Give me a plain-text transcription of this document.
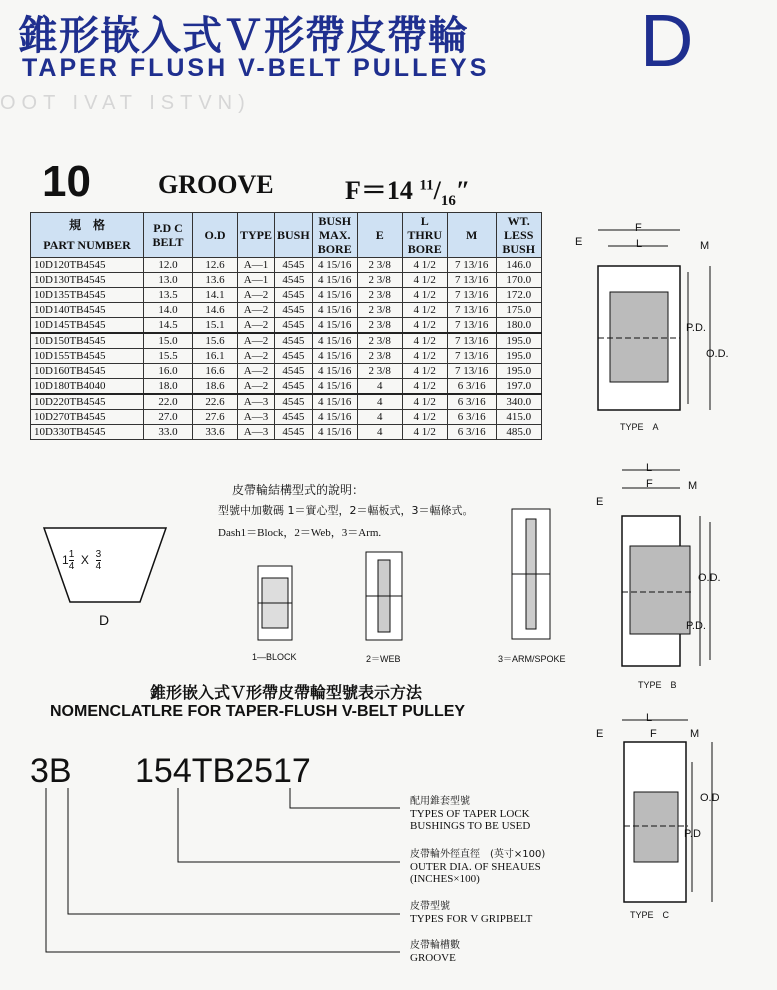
錐形嵌入式Ｖ形帶皮帶輪
TAPER FLUSH V-BELT PULLEYS D
OOT IVAT ISTVN)
10	GROOVE	F＝14 $^{11}/_{16}''$
規　格
PART NUMBER	P.D C BELT	O.D	TYPE	BUSH	BUSH MAX. BORE	E	L THRU BORE	M	WT. LESS BUSH
10D120TB4545	12.0	12.6	A—1	4545	4 15/16	2 3/8	4 1/2	7 13/16	146.0
10D130TB4545	13.0	13.6	A—1	4545	4 15/16	2 3/8	4 1/2	7 13/16	170.0
10D135TB4545	13.5	14.1	A—2	4545	4 15/16	2 3/8	4 1/2	7 13/16	172.0
10D140TB4545	14.0	14.6	A—2	4545	4 15/16	2 3/8	4 1/2	7 13/16	175.0
10D145TB4545	14.5	15.1	A—2	4545	4 15/16	2 3/8	4 1/2	7 13/16	180.0
10D150TB4545	15.0	15.6	A—2	4545	4 15/16	2 3/8	4 1/2	7 13/16	195.0
10D155TB4545	15.5	16.1	A—2	4545	4 15/16	2 3/8	4 1/2	7 13/16	195.0
10D160TB4545	16.0	16.6	A—2	4545	4 15/16	2 3/8	4 1/2	7 13/16	195.0
10D180TB4040	18.0	18.6	A—2	4545	4 15/16	4	4 1/2	6 3/16	197.0
10D220TB4545	22.0	22.6	A—3	4545	4 15/16	4	4 1/2	6 3/16	340.0
10D270TB4545	27.0	27.6	A—3	4545	4 15/16	4	4 1/2	6 3/16	415.0
10D330TB4545	33.0	33.6	A—3	4545	4 15/16	4	4 1/2	6 3/16	485.0
皮帶輪結構型式的說明：
型號中加數碼 1＝實心型，2＝輻板式，3＝輻條式。
Dash1＝Block，2＝Web，3＝Arm.
$1\frac{1}{4}$ X $\frac{3}{4}$
D
1—BLOCK	2＝WEB	3＝ARM/SPOKE
E
F
L	M
P.D.
O.D.
TYPE　A
L
F
E
M
O.D.
P.D.
TYPE　B
L
E	F	M
O.D
P.D
TYPE　C
錐形嵌入式Ｖ形帶皮帶輪型號表示方法
NOMENCLATLRE FOR TAPER-FLUSH V-BELT PULLEY
3B 154TB2517
配用錐套型號
TYPES OF TAPER LOCK
BUSHINGS TO BE USED
皮帶輪外徑直徑　(英寸×100)
OUTER DIA. OF SHEAUES
(INCHES×100)
皮帶型號
TYPES FOR V GRIPBELT
皮帶輪槽數
GROOVE
